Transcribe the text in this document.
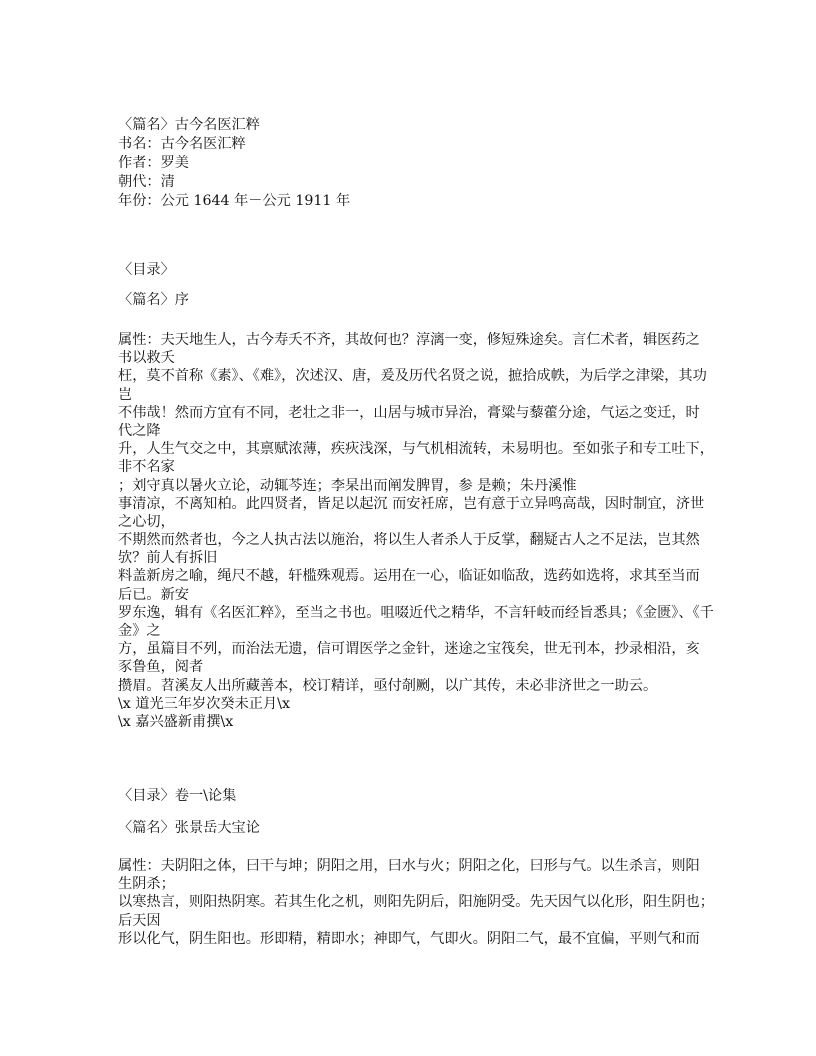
〈篇名〉古今名医汇粹
书名：古今名医汇粹
作者：罗美
朝代：清
年份：公元 1644 年－公元 1911 年
〈目录〉
〈篇名〉序
属性：夫天地生人，古今寿夭不齐，其故何也？淳漓一变，修短殊途矣。言仁术者，辑医药之
书以救夭
枉，莫不首称《素》、《难》，次述汉、唐，爰及历代名贤之说，摭拾成帙，为后学之津梁，其功
岂
不伟哉！然而方宜有不同，老壮之非一，山居与城市异治，膏粱与藜藿分途，气运之变迁，时
代之降
升，人生气交之中，其禀赋浓薄，疾疢浅深，与气机相流转，未易明也。至如张子和专工吐下，
非不名家
；刘守真以暑火立论，动辄芩连；李杲出而阐发脾胃，参 是赖；朱丹溪惟
事清凉，不离知柏。此四贤者，皆足以起沉 而安衽席，岂有意于立异鸣高哉，因时制宜，济世
之心切，
不期然而然者也，今之人执古法以施治，将以生人者杀人于反掌，翻疑古人之不足法，岂其然
欤？前人有拆旧
料盖新房之喻，绳尺不越，轩槛殊观焉。运用在一心，临证如临敌，选药如选将，求其至当而
后已。新安
罗东逸，辑有《名医汇粹》，至当之书也。咀啜近代之精华，不言轩岐而经旨悉具；《金匮》、《千
金》之
方，虽篇目不列，而治法无遗，信可谓医学之金针，迷途之宝筏矣，世无刊本，抄录相沿，亥
豕鲁鱼，阅者
攒眉。苕溪友人出所藏善本，校订精详，亟付剞劂，以广其传，未必非济世之一助云。
\x 道光三年岁次癸未正月\x
\x 嘉兴盛新甫撰\x
〈目录〉卷一\论集
〈篇名〉张景岳大宝论
属性：夫阴阳之体，曰干与坤；阴阳之用，曰水与火；阴阳之化，曰形与气。以生杀言，则阳
生阴杀；
以寒热言，则阳热阴寒。若其生化之机，则阳先阴后，阳施阴受。先天因气以化形，阳生阴也；
后天因
形以化气，阴生阳也。形即精，精即水；神即气，气即火。阴阳二气，最不宜偏，平则气和而
